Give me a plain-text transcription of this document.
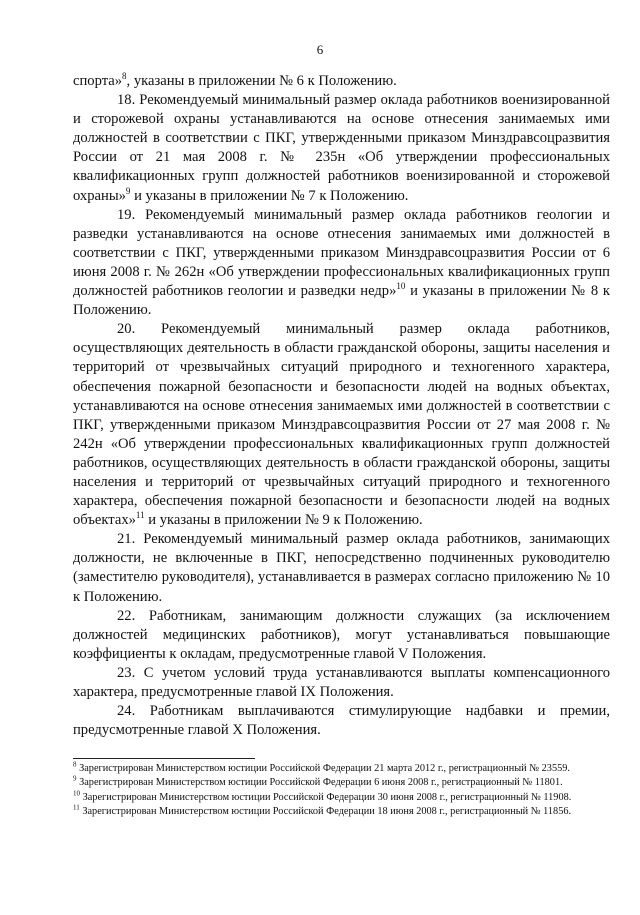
6

спорта»$^8$, указаны в приложении № 6 к Положению.

18. Рекомендуемый минимальный размер оклада работников военизированной и сторожевой охраны устанавливаются на основе отнесения занимаемых ими должностей в соответствии с ПКГ, утвержденными приказом Минздравсоцразвития России от 21 мая 2008 г. № 235н «Об утверждении профессиональных квалификационных групп должностей работников военизированной и сторожевой охраны»$^9$ и указаны в приложении № 7 к Положению.

19. Рекомендуемый минимальный размер оклада работников геологии и разведки устанавливаются на основе отнесения занимаемых ими должностей в соответствии с ПКГ, утвержденными приказом Минздравсоцразвития России от 6 июня 2008 г. № 262н «Об утверждении профессиональных квалификационных групп должностей работников геологии и разведки недр»$^{10}$ и указаны в приложении № 8 к Положению.

20. Рекомендуемый минимальный размер оклада работников, осуществляющих деятельность в области гражданской обороны, защиты населения и территорий от чрезвычайных ситуаций природного и техногенного характера, обеспечения пожарной безопасности и безопасности людей на водных объектах, устанавливаются на основе отнесения занимаемых ими должностей в соответствии с ПКГ, утвержденными приказом Минздравсоцразвития России от 27 мая 2008 г. № 242н «Об утверждении профессиональных квалификационных групп должностей работников, осуществляющих деятельность в области гражданской обороны, защиты населения и территорий от чрезвычайных ситуаций природного и техногенного характера, обеспечения пожарной безопасности и безопасности людей на водных объектах»$^{11}$ и указаны в приложении № 9 к Положению.

21. Рекомендуемый минимальный размер оклада работников, занимающих должности, не включенные в ПКГ, непосредственно подчиненных руководителю (заместителю руководителя), устанавливается в размерах согласно приложению № 10 к Положению.

22. Работникам, занимающим должности служащих (за исключением должностей медицинских работников), могут устанавливаться повышающие коэффициенты к окладам, предусмотренные главой V Положения.

23. С учетом условий труда устанавливаются выплаты компенсационного характера, предусмотренные главой IX Положения.

24. Работникам выплачиваются стимулирующие надбавки и премии, предусмотренные главой X Положения.

$^8$ Зарегистрирован Министерством юстиции Российской Федерации 21 марта 2012 г., регистрационный № 23559.

$^9$ Зарегистрирован Министерством юстиции Российской Федерации 6 июня 2008 г., регистрационный № 11801.

$^{10}$ Зарегистрирован Министерством юстиции Российской Федерации 30 июня 2008 г., регистрационный № 11908.

$^{11}$ Зарегистрирован Министерством юстиции Российской Федерации 18 июня 2008 г., регистрационный № 11856.
